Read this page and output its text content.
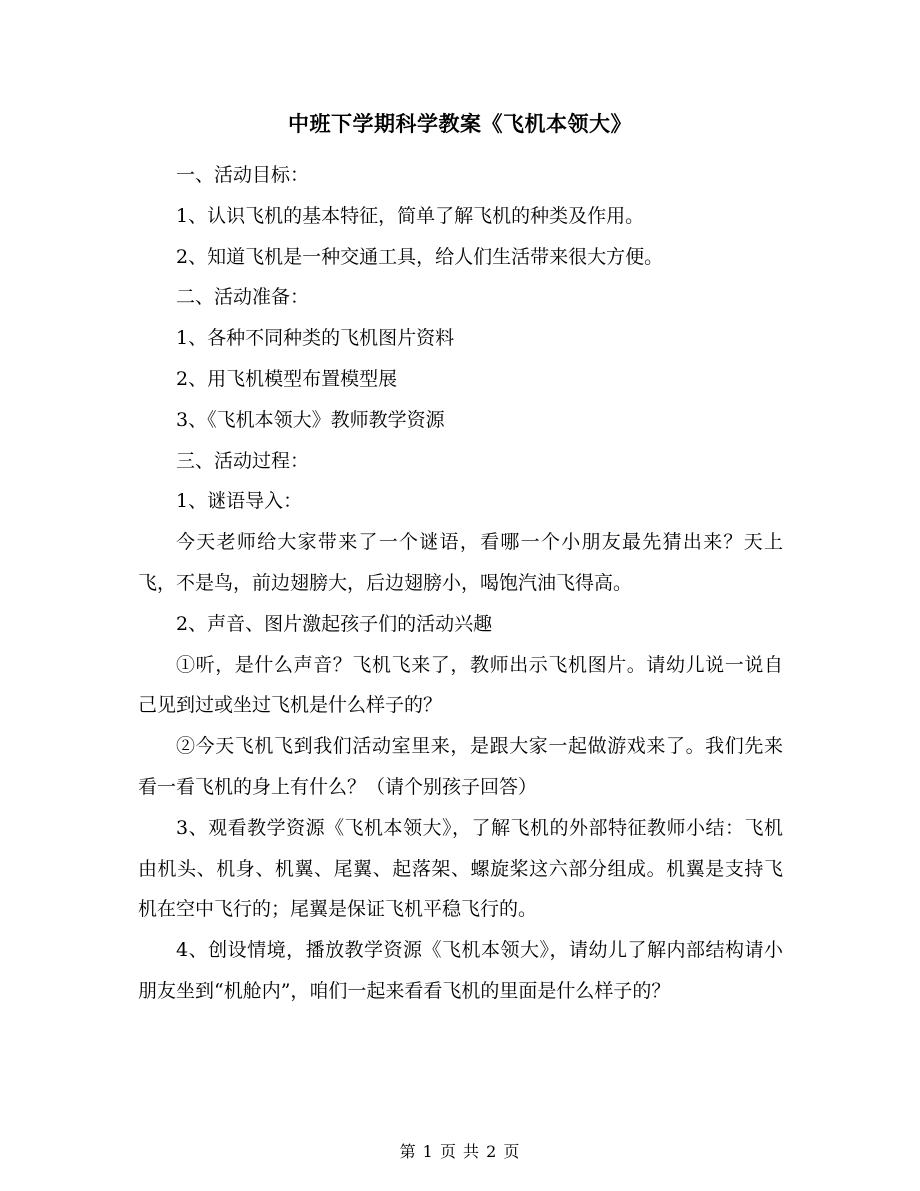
中班下学期科学教案《飞机本领大》

一、活动目标：

1、认识飞机的基本特征，简单了解飞机的种类及作用。

2、知道飞机是一种交通工具，给人们生活带来很大方便。

二、活动准备：

1、各种不同种类的飞机图片资料

2、用飞机模型布置模型展

3、《飞机本领大》教师教学资源

三、活动过程：

1、谜语导入：

今天老师给大家带来了一个谜语，看哪一个小朋友最先猜出来？天上飞，不是鸟，前边翅膀大，后边翅膀小，喝饱汽油飞得高。

2、声音、图片激起孩子们的活动兴趣

①听，是什么声音？飞机飞来了，教师出示飞机图片。请幼儿说一说自己见到过或坐过飞机是什么样子的？

②今天飞机飞到我们活动室里来，是跟大家一起做游戏来了。我们先来看一看飞机的身上有什么？（请个别孩子回答）

3、观看教学资源《飞机本领大》，了解飞机的外部特征教师小结：飞机由机头、机身、机翼、尾翼、起落架、螺旋桨这六部分组成。机翼是支持飞机在空中飞行的；尾翼是保证飞机平稳飞行的。

4、创设情境，播放教学资源《飞机本领大》，请幼儿了解内部结构请小朋友坐到“机舱内”，咱们一起来看看飞机的里面是什么样子的？

第 1 页 共 2 页
